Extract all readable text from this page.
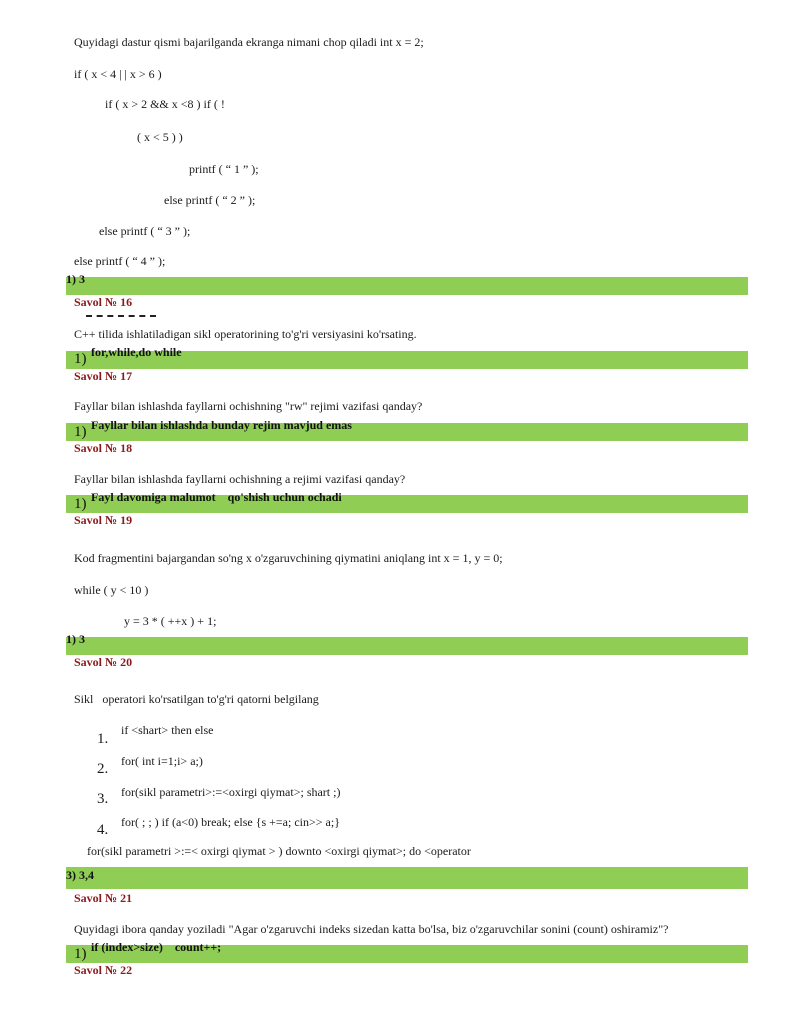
Quyidagi dastur qismi bajarilganda ekranga nimani chop qiladi int x = 2;
if ( x < 4 | | x > 6 )
if ( x > 2 && x <8 ) if ( !
( x < 5 ) )
printf ( “ 1 ” );
else printf ( “ 2 ” );
else printf ( “ 3 ” );
else printf ( “ 4 ” );
1) 3
Savol № 16
C++ tilida ishlatiladigan sikl operatorining to'g'ri versiyasini ko'rsating.
1) for,while,do while
Savol № 17
Fayllar bilan ishlashda fayllarni ochishning "rw" rejimi vazifasi qanday?
1) Fayllar bilan ishlashda bunday rejim mavjud emas
Savol № 18
Fayllar bilan ishlashda fayllarni ochishning a rejimi vazifasi qanday?
1) Fayl davomiga malumot    qo'shish uchun ochadi
Savol № 19
Kod fragmentini bajargandan so'ng x o'zgaruvchining qiymatini aniqlang int x = 1, y = 0;
while ( y < 10 )
y = 3 * ( ++x ) + 1;
1) 3
Savol № 20
Sikl   operatori ko'rsatilgan to'g'ri qatorni belgilang
1.
if <shart> then else
2. for( int i=1;i> a;)
3. for(sikl parametri>:=<oxirgi qiymat>; shart ;)
4. for( ; ; ) if (a<0) break; else {s +=a; cin>> a;}
for(sikl parametri >:=< oxirgi qiymat > ) downto <oxirgi qiymat>; do <operator
3) 3,4
Savol № 21
Quyidagi ibora qanday yoziladi "Agar o'zgaruvchi indeks sizedan katta bo'lsa, biz o'zgaruvchilar sonini (count) oshiramiz"?
1) if (index>size)    count++;
Savol № 22
